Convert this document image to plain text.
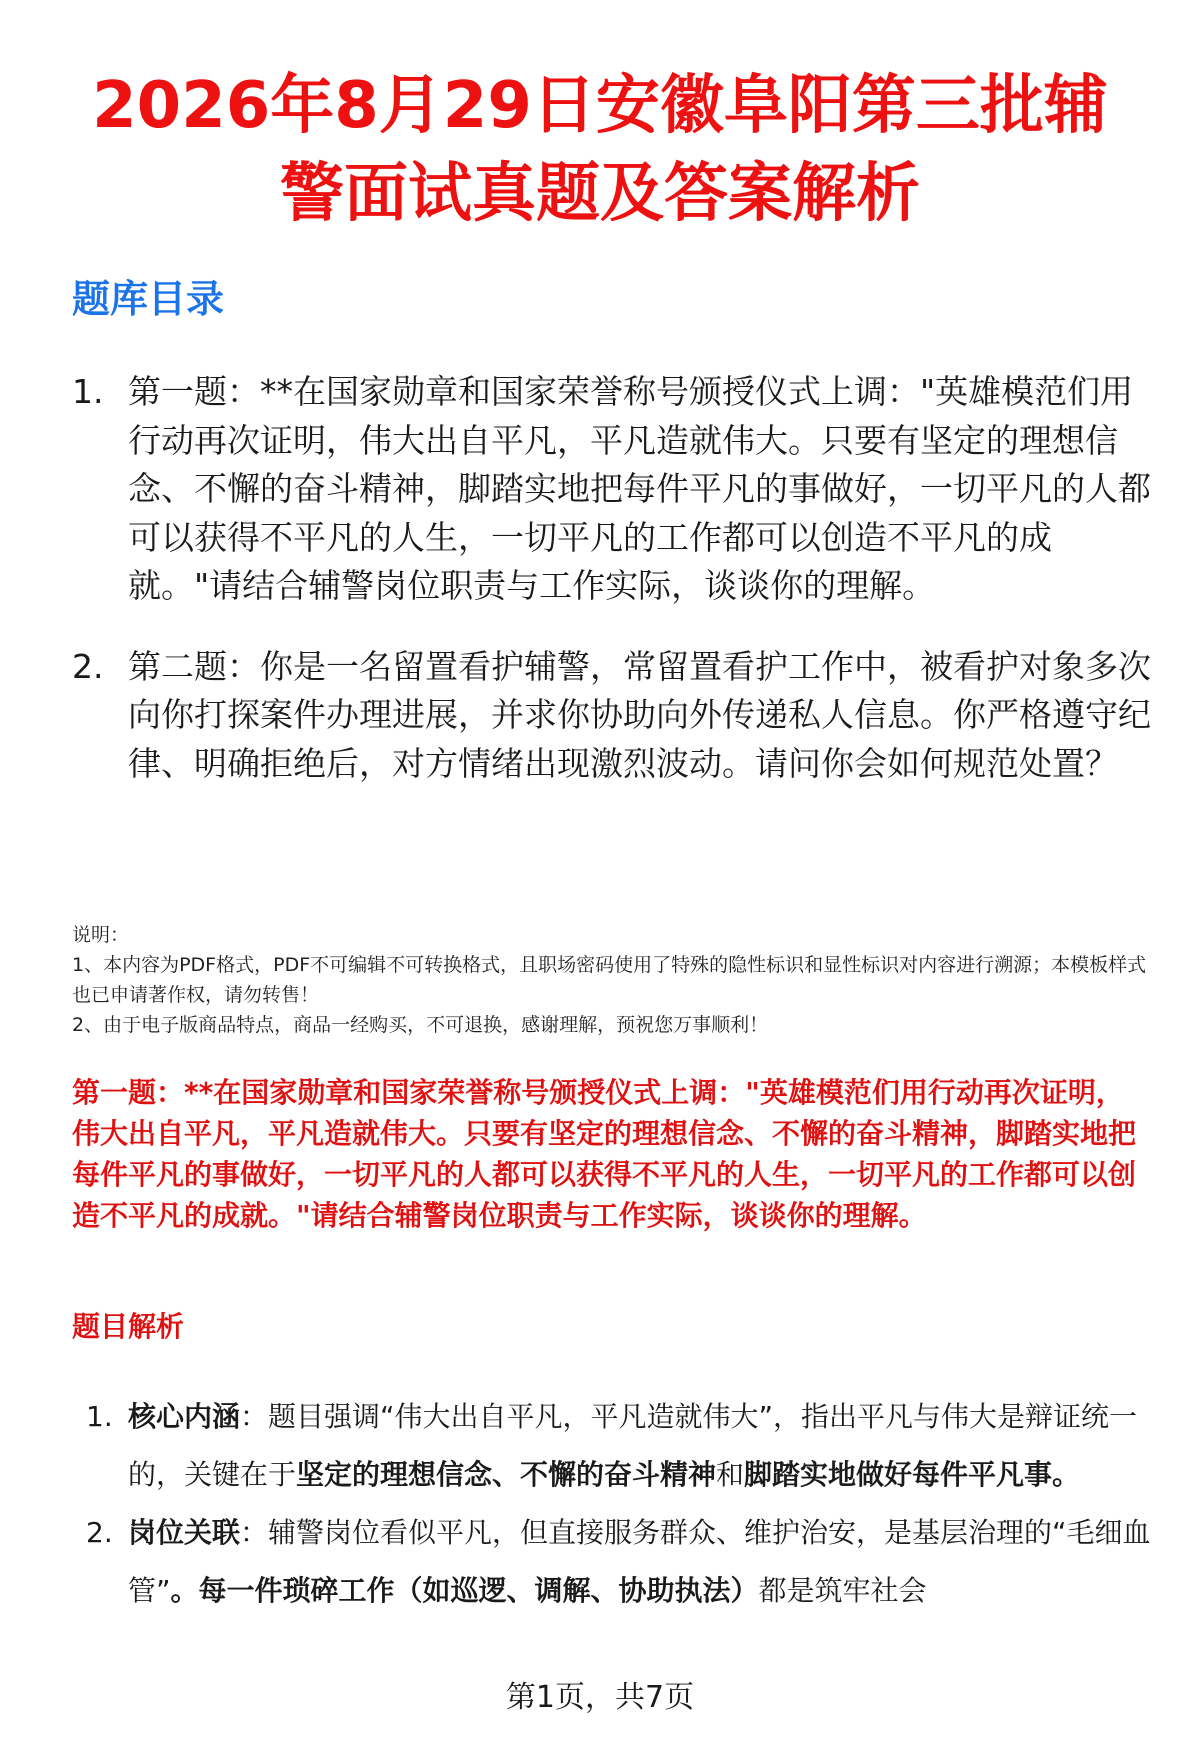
2026年8月29日安徽阜阳第三批辅
警面试真题及答案解析
题库目录
1. 第一题：**在国家勋章和国家荣誉称号颁授仪式上调："英雄模范们用行动再次证明，伟大出自平凡，平凡造就伟大。只要有坚定的理想信念、不懈的奋斗精神，脚踏实地把每件平凡的事做好，一切平凡的人都可以获得不平凡的人生，一切平凡的工作都可以创造不平凡的成就。"请结合辅警岗位职责与工作实际，谈谈你的理解。
2. 第二题：你是一名留置看护辅警，常留置看护工作中，被看护对象多次向你打探案件办理进展，并求你协助向外传递私人信息。你严格遵守纪律、明确拒绝后，对方情绪出现激烈波动。请问你会如何规范处置？
说明：
1、本内容为PDF格式，PDF不可编辑不可转换格式，且职场密码使用了特殊的隐性标识和显性标识对内容进行溯源；本模板样式也已申请著作权，请勿转售！
2、由于电子版商品特点，商品一经购买，不可退换，感谢理解，预祝您万事顺利！
第一题：**在国家勋章和国家荣誉称号颁授仪式上调："英雄模范们用行动再次证明，伟大出自平凡，平凡造就伟大。只要有坚定的理想信念、不懈的奋斗精神，脚踏实地把每件平凡的事做好，一切平凡的人都可以获得不平凡的人生，一切平凡的工作都可以创造不平凡的成就。"请结合辅警岗位职责与工作实际，谈谈你的理解。
题目解析
1. 核心内涵：题目强调“伟大出自平凡，平凡造就伟大”，指出平凡与伟大是辩证统一的，关键在于坚定的理想信念、不懈的奋斗精神和脚踏实地做好每件平凡事。
2. 岗位关联：辅警岗位看似平凡，但直接服务群众、维护治安，是基层治理的“毛细血管”。每一件琐碎工作（如巡逻、调解、协助执法）都是筑牢社会
第1页，共7页
